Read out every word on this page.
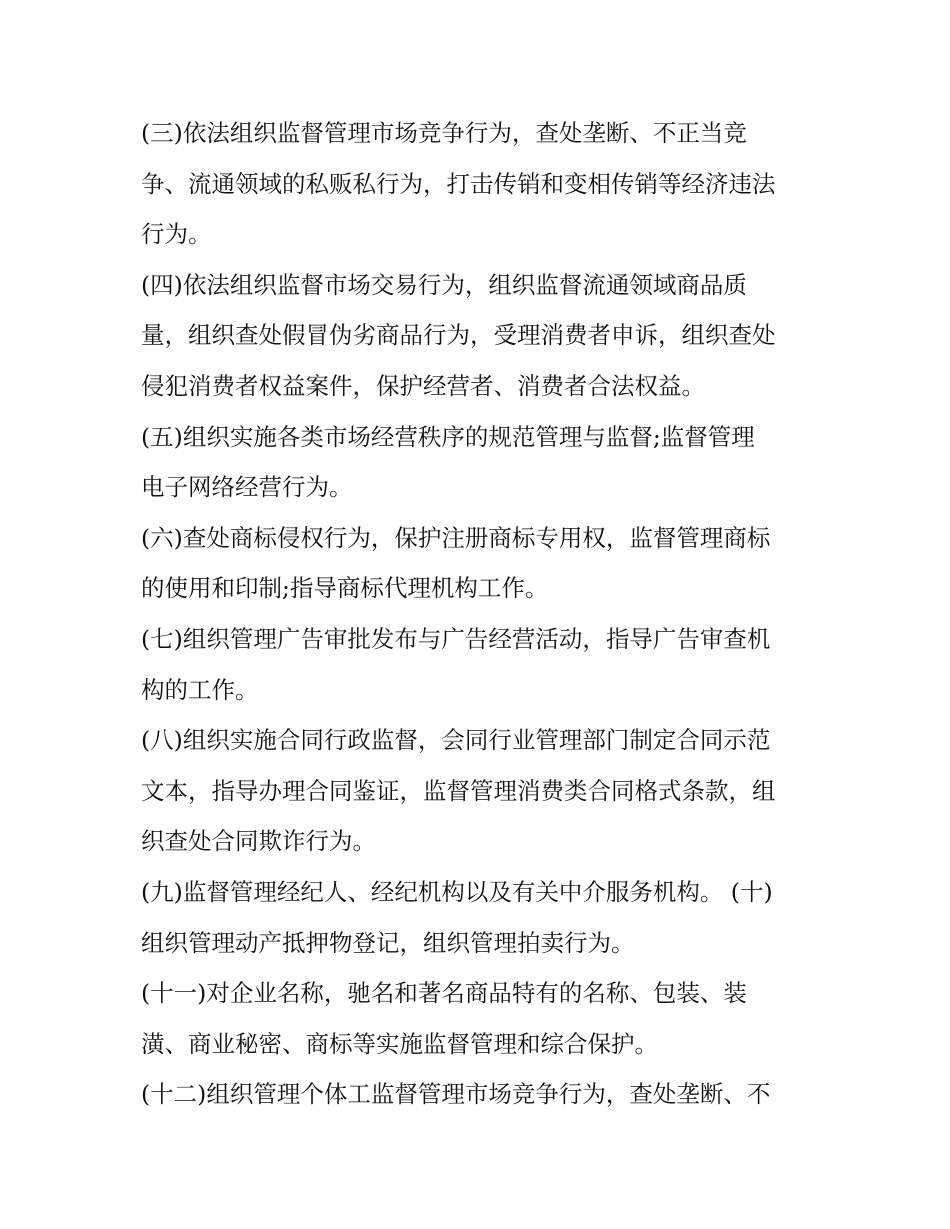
(三)依法组织监督管理市场竞争行为，查处垄断、不正当竞
争、流通领域的私贩私行为，打击传销和变相传销等经济违法
行为。
(四)依法组织监督市场交易行为，组织监督流通领域商品质
量，组织查处假冒伪劣商品行为，受理消费者申诉，组织查处
侵犯消费者权益案件，保护经营者、消费者合法权益。
(五)组织实施各类市场经营秩序的规范管理与监督;监督管理
电子网络经营行为。
(六)查处商标侵权行为，保护注册商标专用权，监督管理商标
的使用和印制;指导商标代理机构工作。
(七)组织管理广告审批发布与广告经营活动，指导广告审查机
构的工作。
(八)组织实施合同行政监督，会同行业管理部门制定合同示范
文本，指导办理合同鉴证，监督管理消费类合同格式条款，组
织查处合同欺诈行为。
(九)监督管理经纪人、经纪机构以及有关中介服务机构。 (十)
组织管理动产抵押物登记，组织管理拍卖行为。
(十一)对企业名称，驰名和著名商品特有的名称、包装、装
潢、商业秘密、商标等实施监督管理和综合保护。
(十二)组织管理个体工监督管理市场竞争行为，查处垄断、不
